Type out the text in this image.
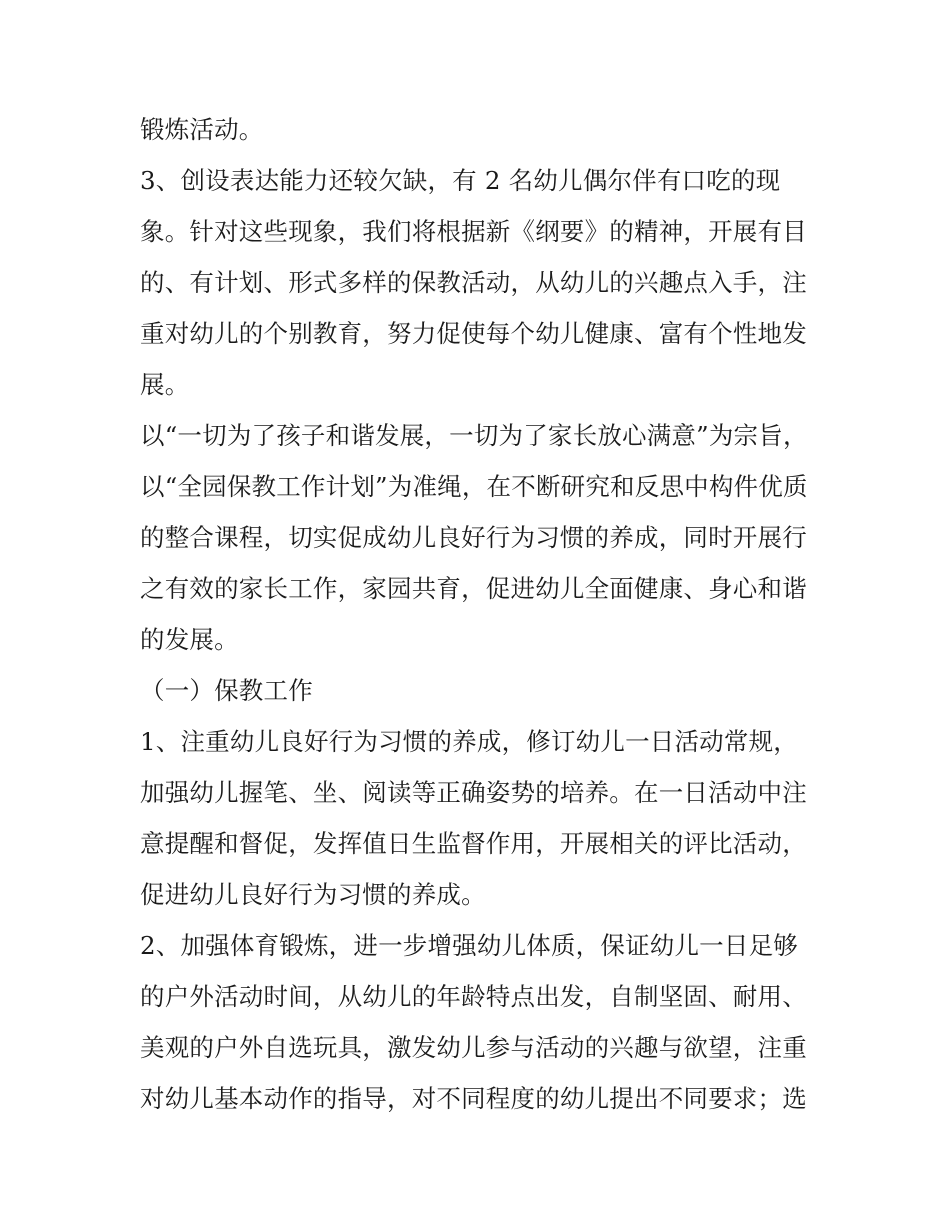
锻炼活动。
3、创设表达能力还较欠缺，有 2 名幼儿偶尔伴有口吃的现
象。针对这些现象，我们将根据新《纲要》的精神，开展有目
的、有计划、形式多样的保教活动，从幼儿的兴趣点入手，注
重对幼儿的个别教育，努力促使每个幼儿健康、富有个性地发
展。
以“一切为了孩子和谐发展，一切为了家长放心满意”为宗旨，
以“全园保教工作计划”为准绳，在不断研究和反思中构件优质
的整合课程，切实促成幼儿良好行为习惯的养成，同时开展行
之有效的家长工作，家园共育，促进幼儿全面健康、身心和谐
的发展。
（一）保教工作
1、注重幼儿良好行为习惯的养成，修订幼儿一日活动常规，
加强幼儿握笔、坐、阅读等正确姿势的培养。在一日活动中注
意提醒和督促，发挥值日生监督作用，开展相关的评比活动，
促进幼儿良好行为习惯的养成。
2、加强体育锻炼，进一步增强幼儿体质，保证幼儿一日足够
的户外活动时间，从幼儿的年龄特点出发，自制坚固、耐用、
美观的户外自选玩具，激发幼儿参与活动的兴趣与欲望，注重
对幼儿基本动作的指导，对不同程度的幼儿提出不同要求；选
